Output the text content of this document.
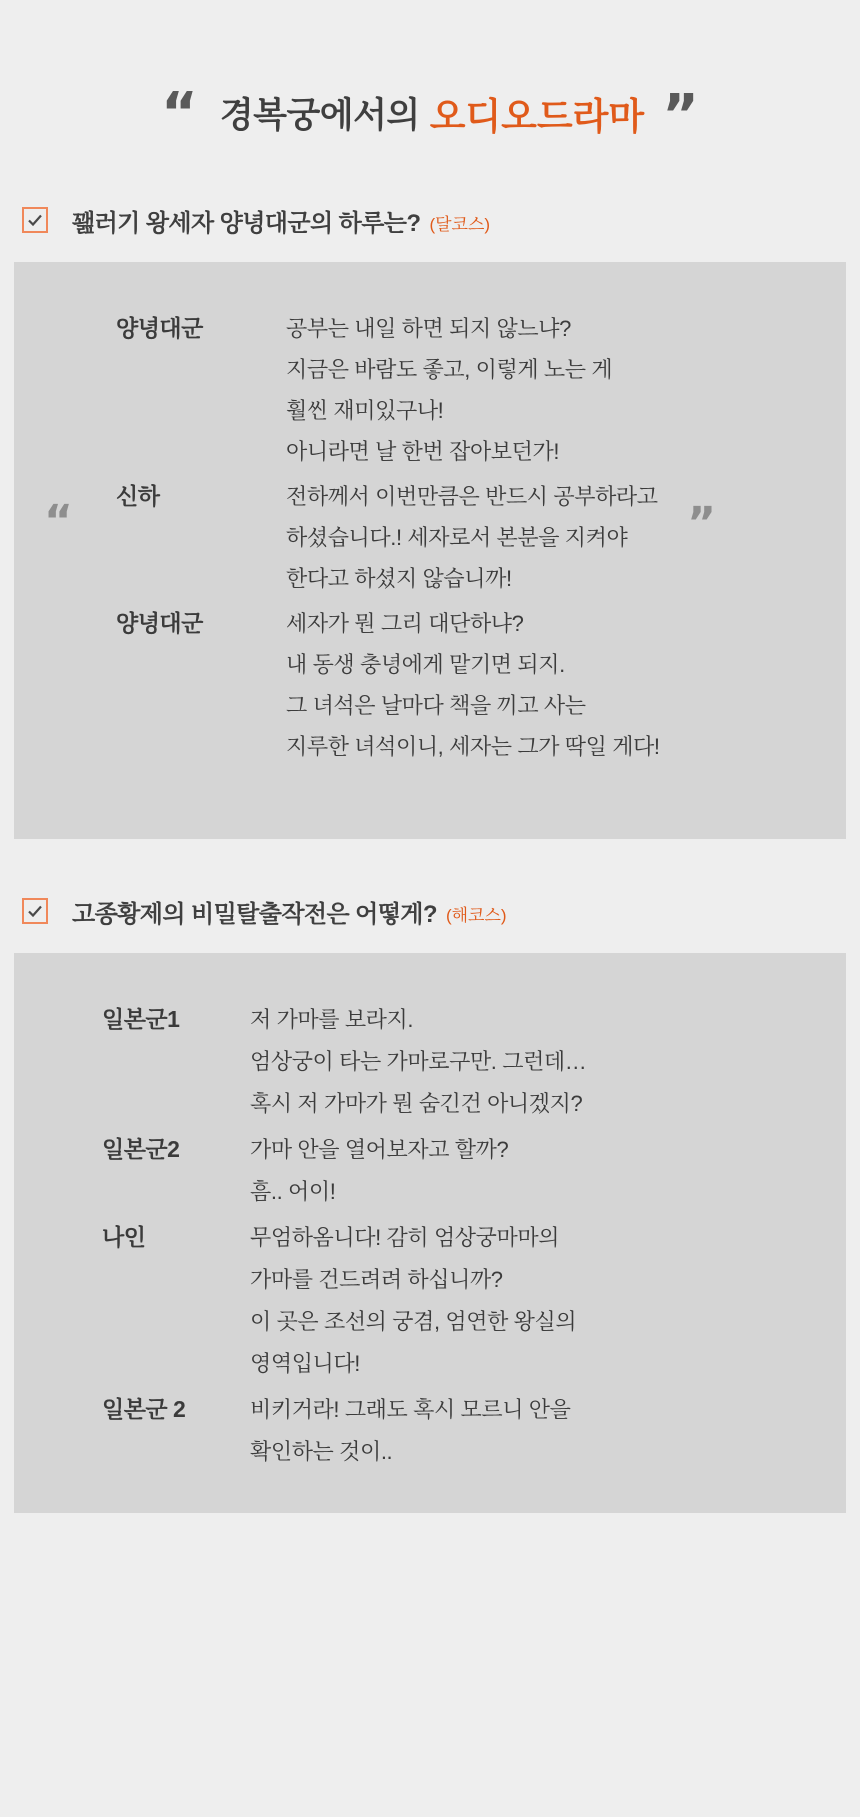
“ 경복궁에서의 오디오드라마 ”
꽲러기 왕세자 양녕대군의 하루는? (달코스)
“	”
양녕대군	공부는 내일 하면 되지 않느냐?
지금은 바람도 좋고, 이렇게 노는 게
훨씬 재미있구나!
아니라면 날 한번 잡아보던가!
신하	전하께서 이번만큼은 반드시 공부하라고
하셨습니다.! 세자로서 본분을 지켜야
한다고 하셨지 않습니까!
양녕대군	세자가 뭔 그리 대단하냐?
내 동생 충녕에게 맡기면 되지.
그 녀석은 날마다 책을 끼고 사는
지루한 녀석이니, 세자는 그가 딱일 게다!
고종황제의 비밀탈출작전은 어떻게? (해코스)
일본군1	저 가마를 보라지.
엄상궁이 타는 가마로구만. 그런데…
혹시 저 가마가 뭔 숨긴건 아니겠지?
일본군2	가마 안을 열어보자고 할까?
흠.. 어이!
나인	무엄하옴니다! 감히 엄상궁마마의
가마를 건드려려 하십니까?
이 곳은 조선의 궁겸, 엄연한 왕실의
영역입니다!
일본군 2	비키거라! 그래도 혹시 모르니 안을
확인하는 것이..
